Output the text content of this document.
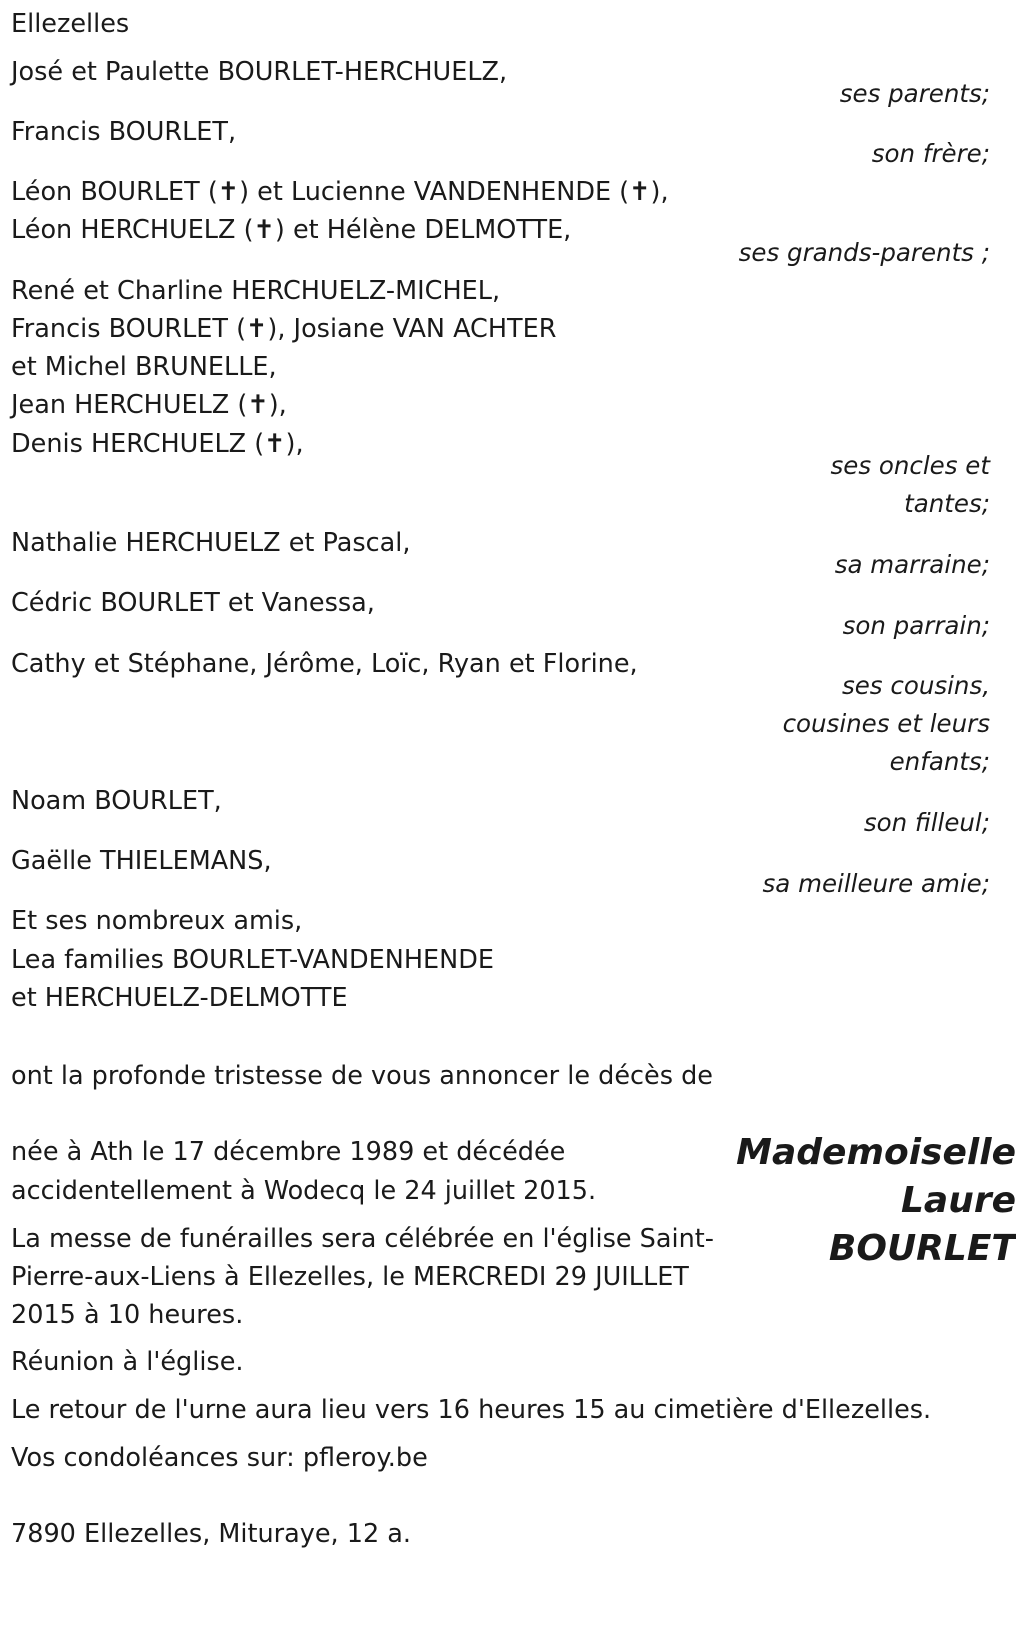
Ellezelles
José et Paulette BOURLET-HERCHUELZ,
ses parents;
Francis BOURLET,
son frère;
Léon BOURLET (✝) et Lucienne VANDENHENDE (✝),
Léon HERCHUELZ (✝) et Hélène DELMOTTE,
ses grands-parents ;
René et Charline HERCHUELZ-MICHEL,
Francis BOURLET (✝), Josiane VAN ACHTER
et Michel BRUNELLE,
Jean HERCHUELZ (✝),
Denis HERCHUELZ (✝),
ses oncles et
tantes;
Nathalie HERCHUELZ et Pascal,
sa marraine;
Cédric BOURLET et Vanessa,
son parrain;
Cathy et Stéphane, Jérôme, Loïc, Ryan et Florine,
ses cousins,
cousines et leurs
enfants;
Noam BOURLET,
son filleul;
Gaëlle THIELEMANS,
sa meilleure amie;
Et ses nombreux amis,
Lea families BOURLET-VANDENHENDE
et HERCHUELZ-DELMOTTE
ont la profonde tristesse de vous annoncer le décès de
Mademoiselle
Laure
BOURLET
née à Ath le 17 décembre 1989 et décédée
accidentellement à Wodecq le 24 juillet 2015.
La messe de funérailles sera célébrée en l'église Saint-
Pierre-aux-Liens à Ellezelles, le MERCREDI 29 JUILLET
2015 à 10 heures.
Réunion à l'église.
Le retour de l'urne aura lieu vers 16 heures 15 au cimetière d'Ellezelles.
Vos condoléances sur: pfleroy.be
7890 Ellezelles, Mituraye, 12 a.
